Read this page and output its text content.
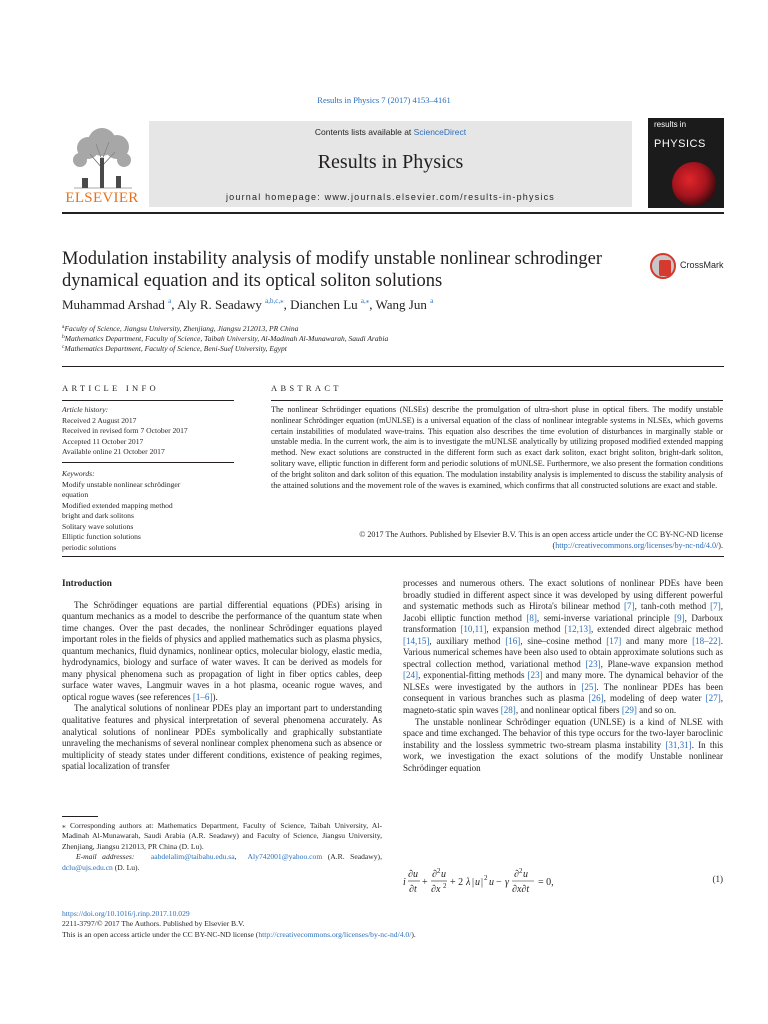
Results in Physics 7 (2017) 4153–4161
ELSEVIER
Contents lists available at ScienceDirect
Results in Physics
journal homepage: www.journals.elsevier.com/results-in-physics
results in
PHYSICS
Modulation instability analysis of modify unstable nonlinear schrodinger dynamical equation and its optical soliton solutions
CrossMark
Muhammad Arshad $^a$, Aly R. Seadawy $^{a,b,c,⁎}$, Dianchen Lu $^{a,⁎}$, Wang Jun $^a$
$^a$Faculty of Science, Jiangsu University, Zhenjiang, Jiangsu 212013, PR China
$^b$Mathematics Department, Faculty of Science, Taibah University, Al-Madinah Al-Munawarah, Saudi Arabia
$^c$Mathematics Department, Faculty of Science, Beni-Suef University, Egypt
ARTICLE INFO	ABSTRACT
Article history:
Received 2 August 2017
Received in revised form 7 October 2017
Accepted 11 October 2017
Available online 21 October 2017
Keywords:
Modify unstable nonlinear schrödinger
equation
Modified extended mapping method
bright and dark solitons
Solitary wave solutions
Elliptic function solutions
periodic solutions
The nonlinear Schrödinger equations (NLSEs) describe the promulgation of ultra-short pluse in optical fibers. The modify unstable nonlinear Schrödinger equation (mUNLSE) is a universal equation of the class of nonlinear integrable systems in NLSEs, which governs certain instabilities of modulated wave-trains. This equation also describes the time evolution of disturbances in marginally stable or unstable media. In the current work, the aim is to investigate the mUNLSE analytically by utilizing proposed modified extended mapping method. New exact solutions are constructed in the different form such as exact dark soliton, exact bright soliton, bright-dark soliton, solitary wave, elliptic function in different form and periodic solutions of mUNLSE. Furthermore, we also present the formation conditions of the bright soliton and dark soliton of this equation. The modulation instability analysis is implemented to discuss the stability analysis of the attained solutions and the movement role of the waves is examined, which confirms that all constructed solutions are exact and stable.
© 2017 The Authors. Published by Elsevier B.V. This is an open access article under the CC BY-NC-ND license (http://creativecommons.org/licenses/by-nc-nd/4.0/).
Introduction

The Schrödinger equations are partial differential equations (PDEs) arising in quantum mechanics as a model to describe the performance of the quantum state when time changes. Over the past decades, the nonlinear Schrödinger equations played important roles in the fields of physics and applied mathematics such as plasma physics, quantum mechanics, fluid dynamics, nonlinear optics, molecular biology, elastic media, hydrodynamics, biology and surface of water waves. It can be derived as models for many physical phenomena such as propagation of light in fiber optics cables, deep surface water waves, Langmuir waves in a hot plasma, oceanic rogue waves, and optical rogue waves (see references [1–6]).

The analytical solutions of nonlinear PDEs play an important part to understanding qualitative features and physical interpretation of several phenomena accurately. As analytical solutions of nonlinear PDEs symbolically and graphically substantiate unraveling the mechanisms of several nonlinear complex phenomena such as absence or multiplicity of steady states under different conditions, existence of peaking regimes, spatial localization of transfer

processes and numerous others. The exact solutions of nonlinear PDEs have been broadly studied in different aspect since it was developed by using different powerful and systematic methods such as Hirota's bilinear method [7], tanh-coth method [7], Jacobi elliptic function method [8], semi-inverse variational principle [9], Darboux transformation [10,11], expansion method [12,13], extended direct algebraic method [14,15], auxiliary method [16], sine–cosine method [17] and many more [18–22]. Various numerical schemes have been also used to obtain approximate solutions such as spectral collection method, variational method [23], Plane-wave expansion method [24], exponential-fitting methods [23] and many more. The dynamical behavior of the NLSEs were investigated by the authors in [25]. The nonlinear PDEs has been consequent in various branches such as plasma [26], modeling of deep water [27], magneto-static spin waves [28], and nonlinear optical fibers [29] and so on.

The unstable nonlinear Schrödinger equation (UNLSE) is a kind of NLSE with space and time exchanged. The behavior of this type occurs for the two-layer baroclinic instability and the lossless symmetric two-stream plasma instability [31,31]. In this work, we investigation the exact solutions of the modify Unstable nonlinear Schrödinger equation

i
∂u
∂t
+
∂ 2 u
∂x 2 + 2 λ | u | 2 u − γ
∂ 2 u
∂x∂t
= 0,	(1)
⁎ Corresponding authors at: Mathematics Department, Faculty of Science, Taibah University, Al-Madinah Al-Munawarah, Saudi Arabia (A.R. Seadawy) and Faculty of Science, Jiangsu University, Zhenjiang, Jiangsu 212013, PR China (D. Lu).
E-mail addresses: aabdelalim@taibahu.edu.sa,  Aly742001@yahoo.com (A.R. Seadawy), dclu@ujs.edu.cn (D. Lu).
https://doi.org/10.1016/j.rinp.2017.10.029
2211-3797/© 2017 The Authors. Published by Elsevier B.V.
This is an open access article under the CC BY-NC-ND license (http://creativecommons.org/licenses/by-nc-nd/4.0/).
